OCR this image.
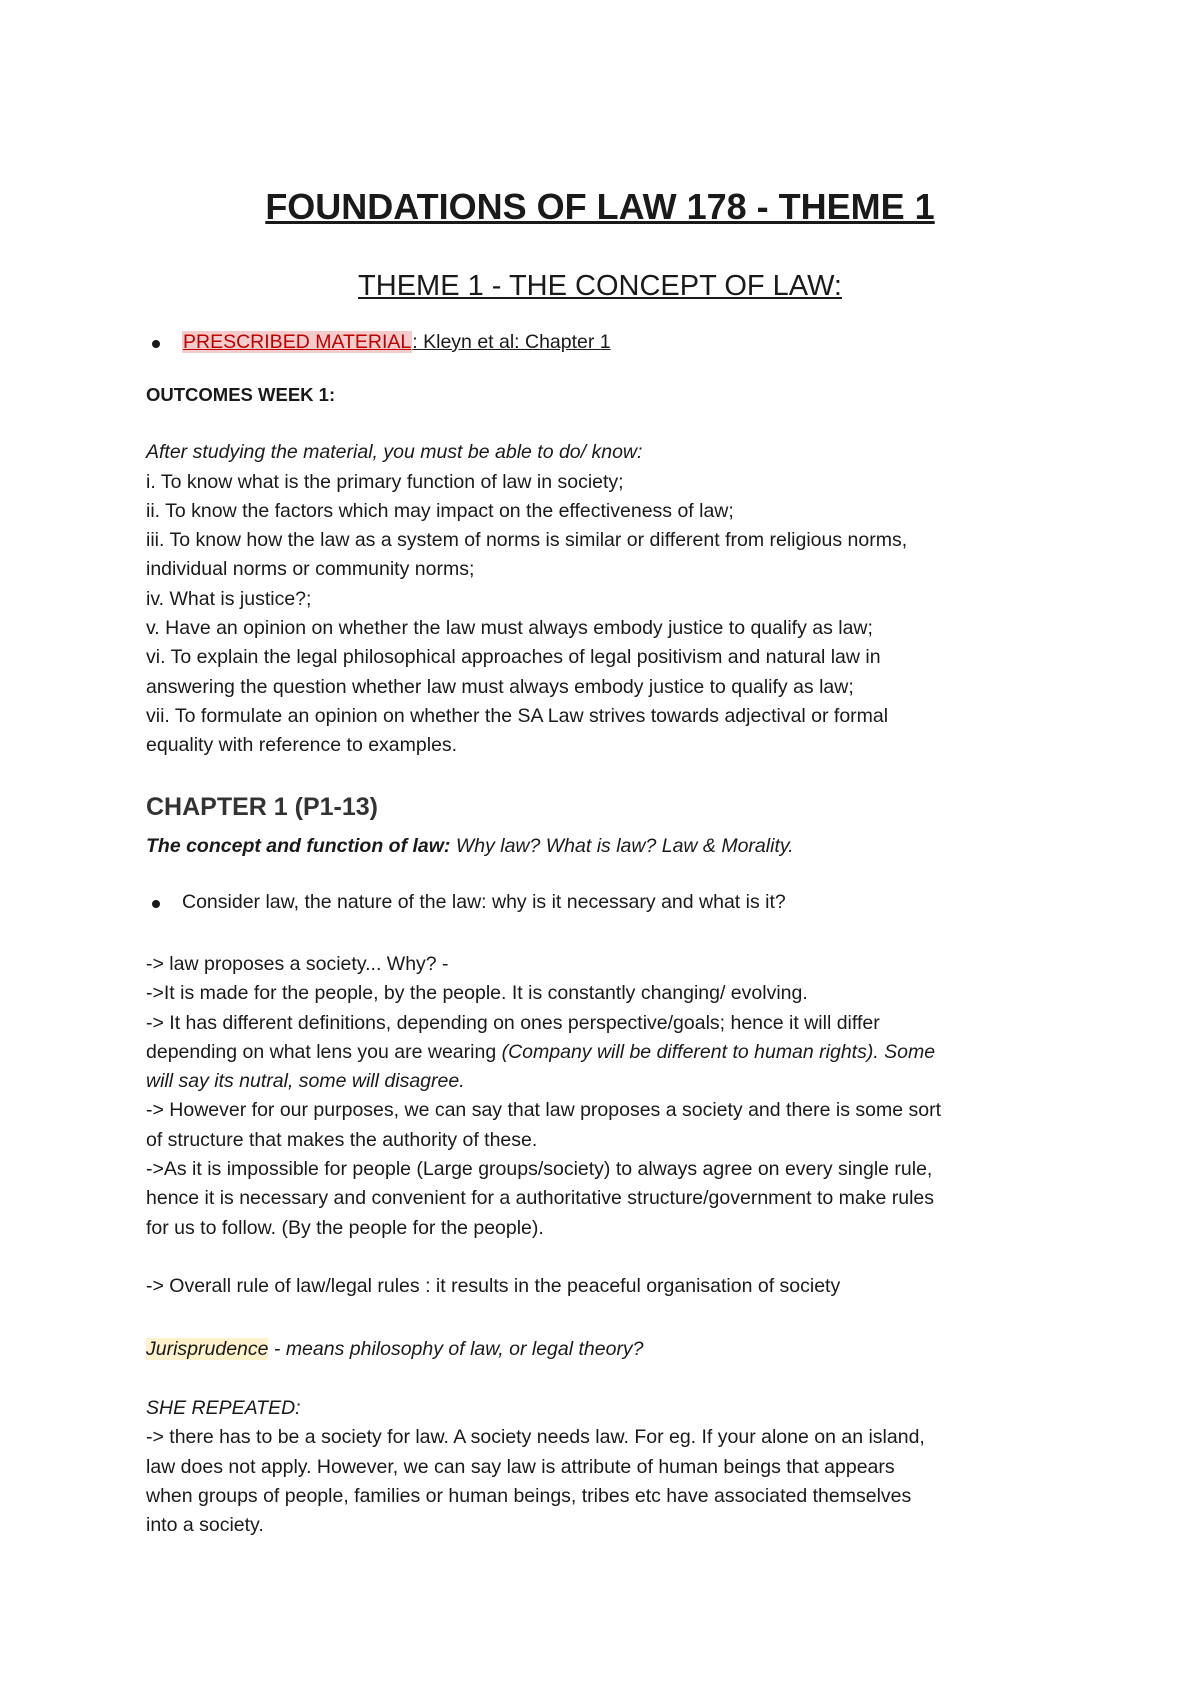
FOUNDATIONS OF LAW 178 - THEME 1
THEME 1 - THE CONCEPT OF LAW:
PRESCRIBED MATERIAL: Kleyn et al: Chapter 1
OUTCOMES WEEK 1:
After studying the material, you must be able to do/ know:
i. To know what is the primary function of law in society;
ii. To know the factors which may impact on the effectiveness of law;
iii. To know how the law as a system of norms is similar or different from religious norms,
individual norms or community norms;
iv. What is justice?;
v. Have an opinion on whether the law must always embody justice to qualify as law;
vi. To explain the legal philosophical approaches of legal positivism and natural law in
answering the question whether law must always embody justice to qualify as law;
vii. To formulate an opinion on whether the SA Law strives towards adjectival or formal
equality with reference to examples.
CHAPTER 1 (P1-13)
The concept and function of law: Why law? What is law? Law & Morality.
Consider law, the nature of the law: why is it necessary and what is it?
-> law proposes a society... Why? -
->It is made for the people, by the people. It is constantly changing/ evolving.
-> It has different definitions, depending on ones perspective/goals; hence it will differ
depending on what lens you are wearing (Company will be different to human rights). Some
will say its nutral, some will disagree.
-> However for our purposes, we can say that law proposes a society and there is some sort
of structure that makes the authority of these.
->As it is impossible for people (Large groups/society) to always agree on every single rule,
hence it is necessary and convenient for a authoritative structure/government to make rules
for us to follow. (By the people for the people).
-> Overall rule of law/legal rules : it results in the peaceful organisation of society
Jurisprudence - means philosophy of law, or legal theory?
SHE REPEATED:
-> there has to be a society for law. A society needs law. For eg. If your alone on an island,
law does not apply. However, we can say law is attribute of human beings that appears
when groups of people, families or human beings, tribes etc have associated themselves
into a society.
